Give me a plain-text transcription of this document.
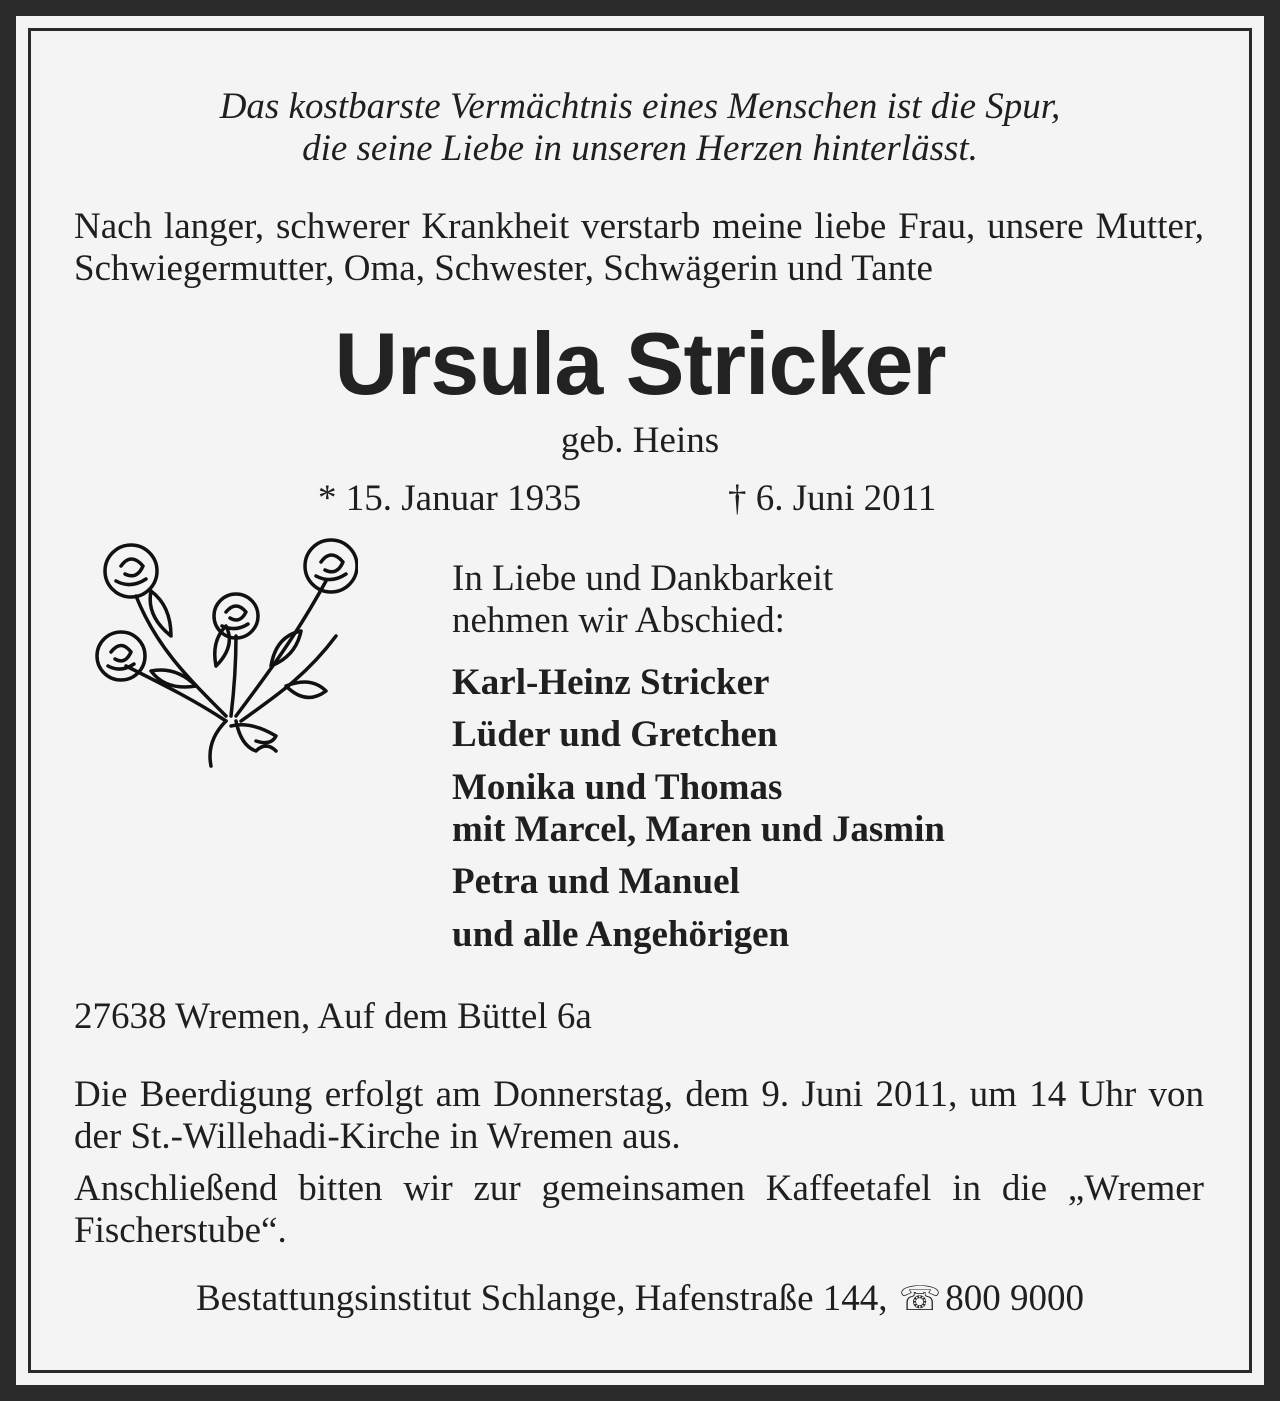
Das kostbarste Vermächtnis eines Menschen ist die Spur,

die seine Liebe in unseren Herzen hinterlässt.

Nach langer, schwerer Krankheit verstarb meine liebe Frau, unsere Mutter, Schwiegermutter, Oma, Schwester, Schwägerin und Tante

Ursula Stricker

geb. Heins

* 15. Januar 1935	† 6. Juni 2011

In Liebe und Dankbarkeit

nehmen wir Abschied:

Karl-Heinz Stricker

Lüder und Gretchen

Monika und Thomas

mit Marcel, Maren und Jasmin

Petra und Manuel

und alle Angehörigen

27638 Wremen, Auf dem Büttel 6a

Die Beerdigung erfolgt am Donnerstag, dem 9. Juni 2011, um 14 Uhr von der St.-Willehadi-Kirche in Wremen aus.

Anschließend bitten wir zur gemeinsamen Kaffeetafel in die „Wremer Fischerstube“.

Bestattungsinstitut Schlange, Hafenstraße 144, ☏ 800 9000
